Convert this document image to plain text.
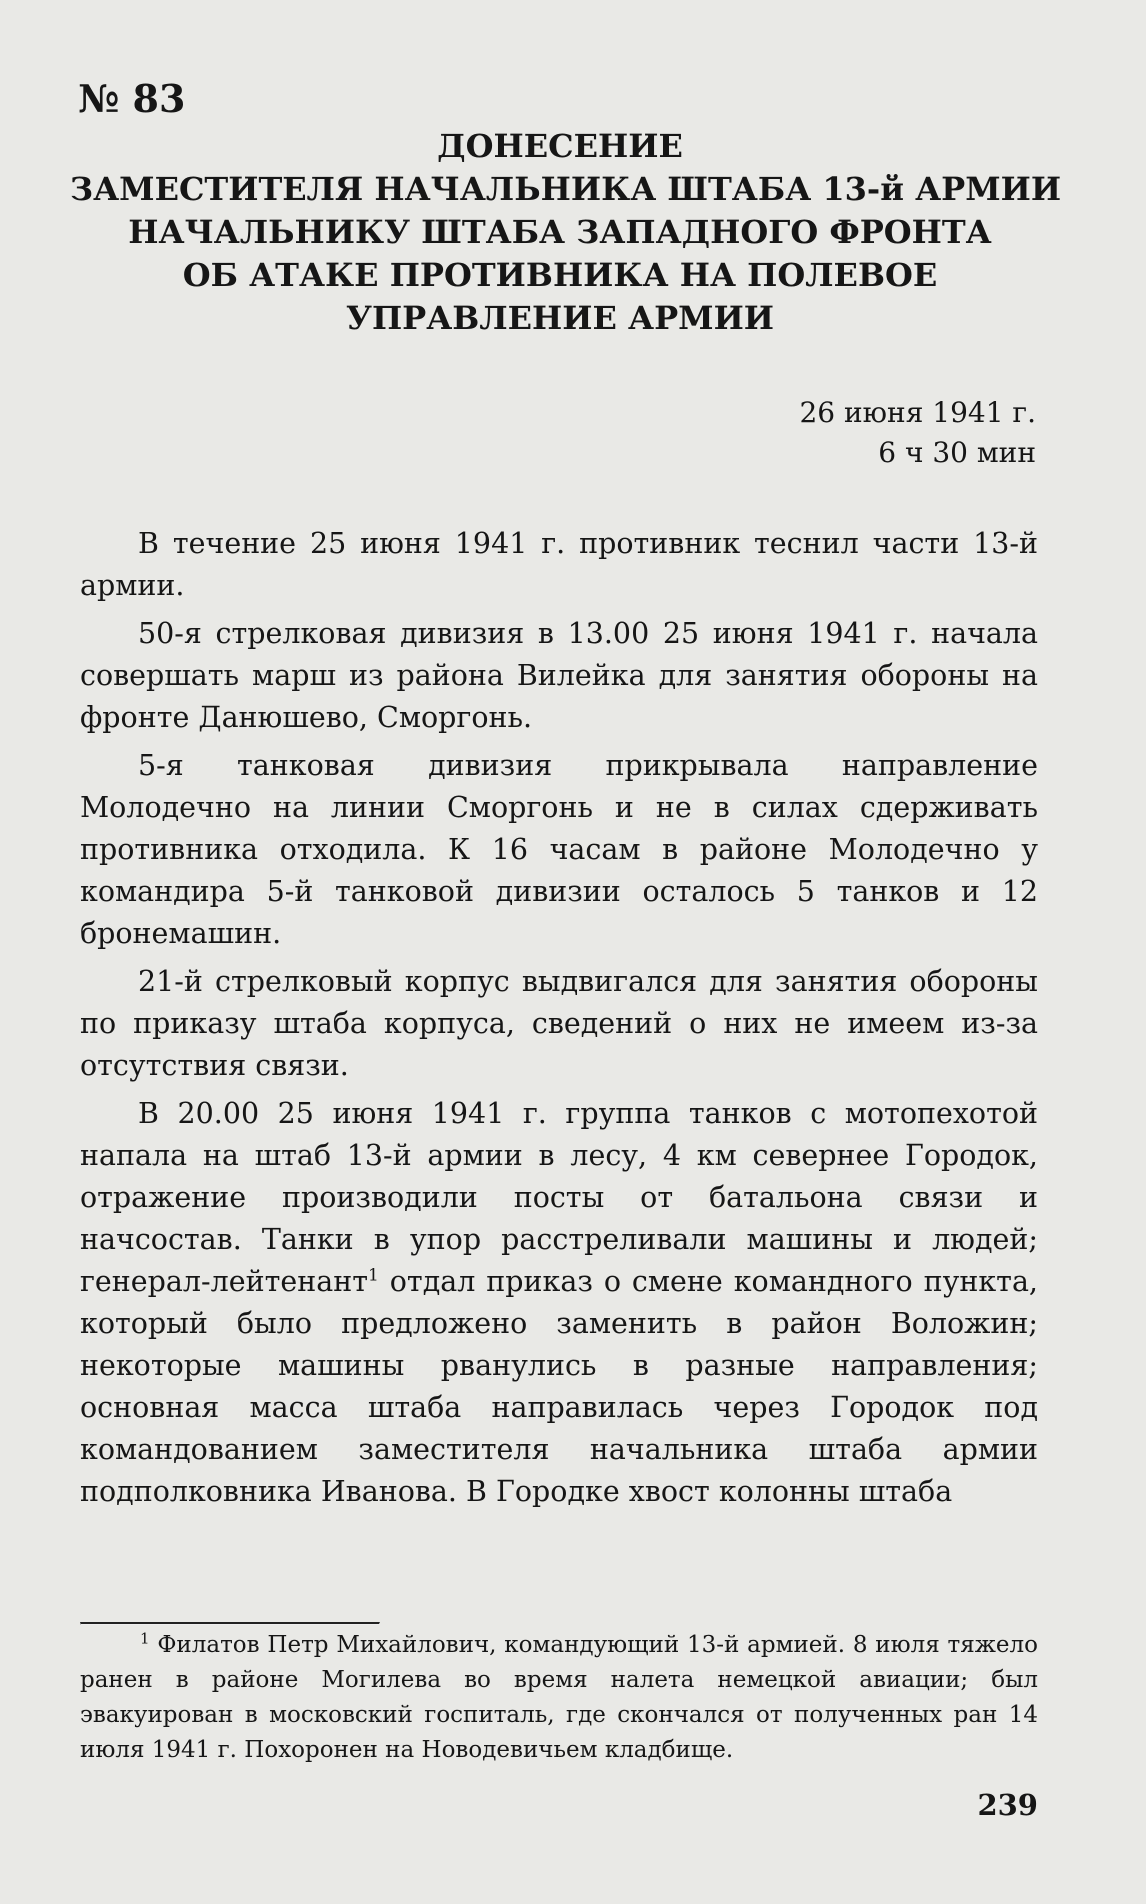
№ 83
ДОНЕСЕНИЕ
ЗАМЕСТИТЕЛЯ НАЧАЛЬНИКА ШТАБА 13-й АРМИИ
НАЧАЛЬНИКУ ШТАБА ЗАПАДНОГО ФРОНТА
ОБ АТАКЕ ПРОТИВНИКА НА ПОЛЕВОЕ
УПРАВЛЕНИЕ АРМИИ
26 июня 1941 г.
6 ч 30 мин

В течение 25 июня 1941 г. противник теснил части 13-й армии.

50-я стрелковая дивизия в 13.00 25 июня 1941 г. начала совершать марш из района Вилейка для занятия обороны на фронте Данюшево, Сморгонь.

5-я танковая дивизия прикрывала направление Молодечно на линии Сморгонь и не в силах сдерживать противника отходила. К 16 часам в районе Молодечно у командира 5-й танковой дивизии осталось 5 танков и 12 бронемашин.

21-й стрелковый корпус выдвигался для занятия обороны по приказу штаба корпуса, сведений о них не имеем из-за отсутствия связи.

В 20.00 25 июня 1941 г. группа танков с мотопехотой напала на штаб 13-й армии в лесу, 4 км севернее Городок, отражение производили посты от батальона связи и начсостав. Танки в упор расстреливали машины и людей; генерал-лейтенант$^1$ отдал приказ о смене командного пункта, который было предложено заменить в район Воложин; некоторые машины рванулись в разные направления; основная масса штаба направилась через Городок под командованием заместителя начальника штаба армии подполковника Иванова. В Городке хвост колонны штаба

$^1$ Филатов Петр Михайлович, командующий 13-й армией. 8 июля тяжело ранен в районе Могилева во время налета немецкой авиации; был эвакуирован в московский госпиталь, где скончался от полученных ран 14 июля 1941 г. Похоронен на Новодевичьем кладбище.

239
